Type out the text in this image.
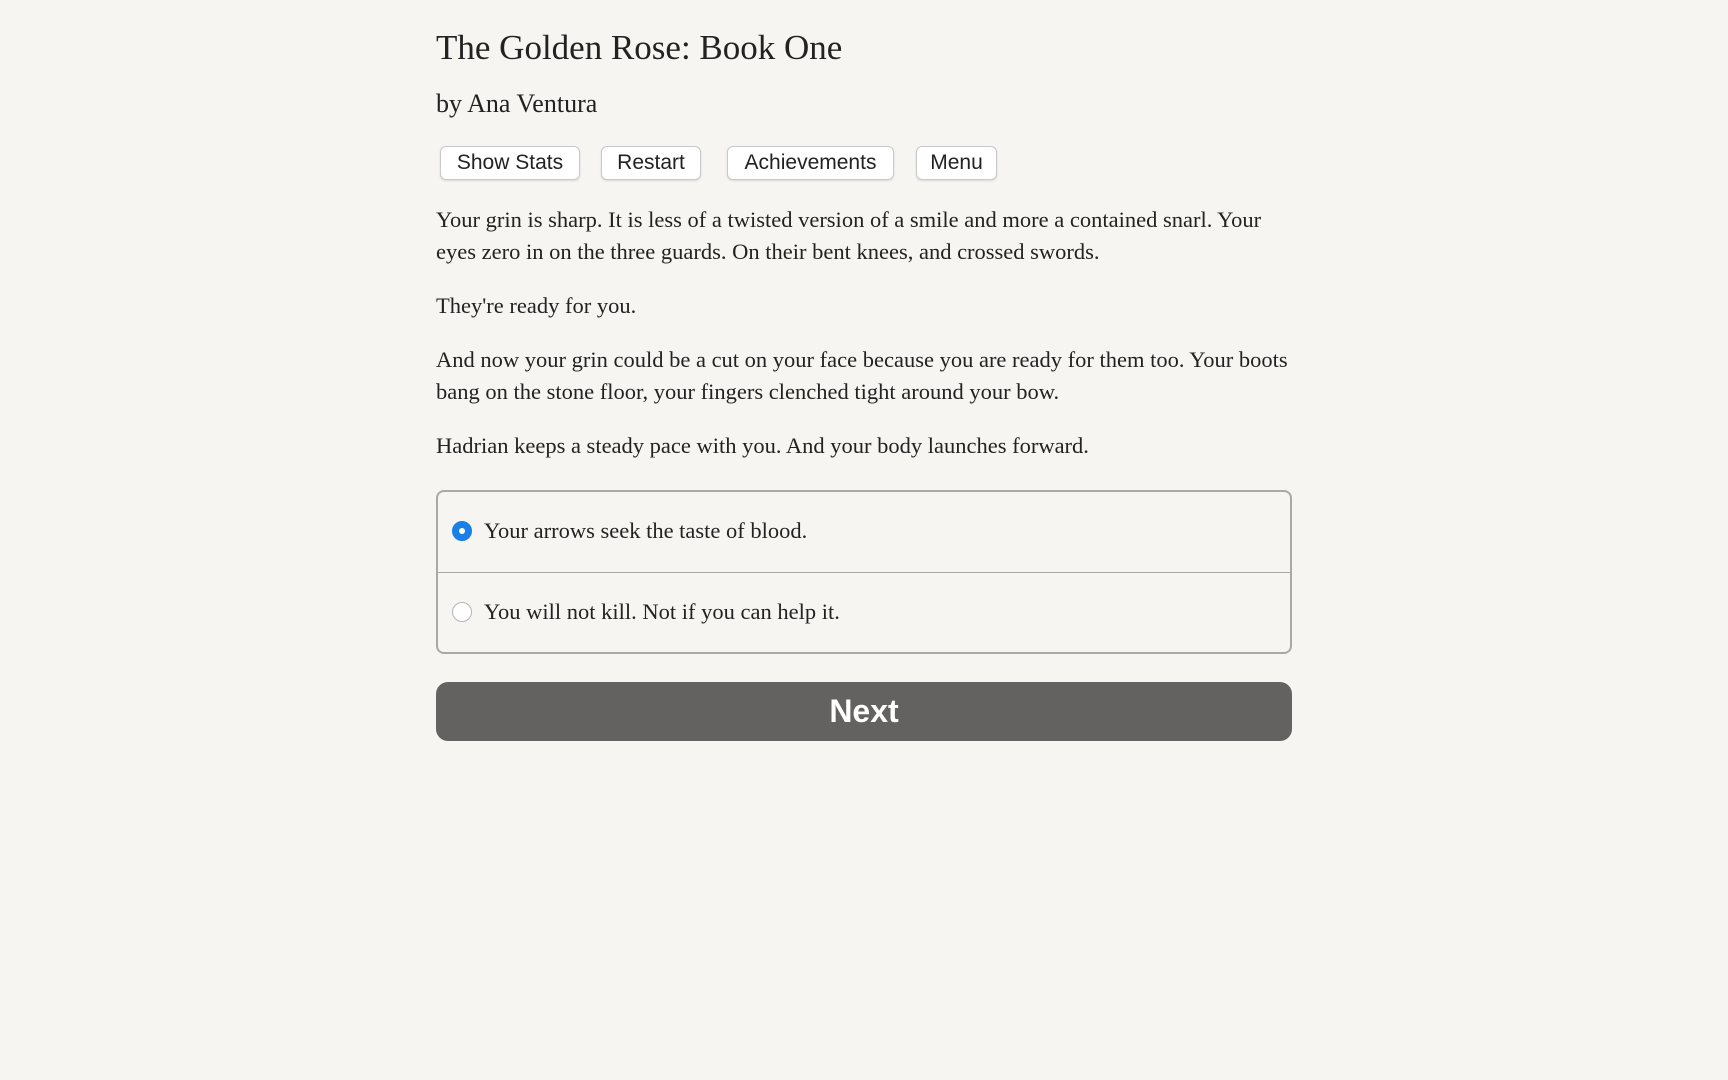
The Golden Rose: Book One
by Ana Ventura
Show Stats	Restart	Achievements	Menu

Your grin is sharp. It is less of a twisted version of a smile and more a contained snarl. Your eyes zero in on the three guards. On their bent knees, and crossed swords.

They're ready for you.

And now your grin could be a cut on your face because you are ready for them too. Your boots bang on the stone floor, your fingers clenched tight around your bow.

Hadrian keeps a steady pace with you. And your body launches forward.

Your arrows seek the taste of blood.
You will not kill. Not if you can help it.
Next
